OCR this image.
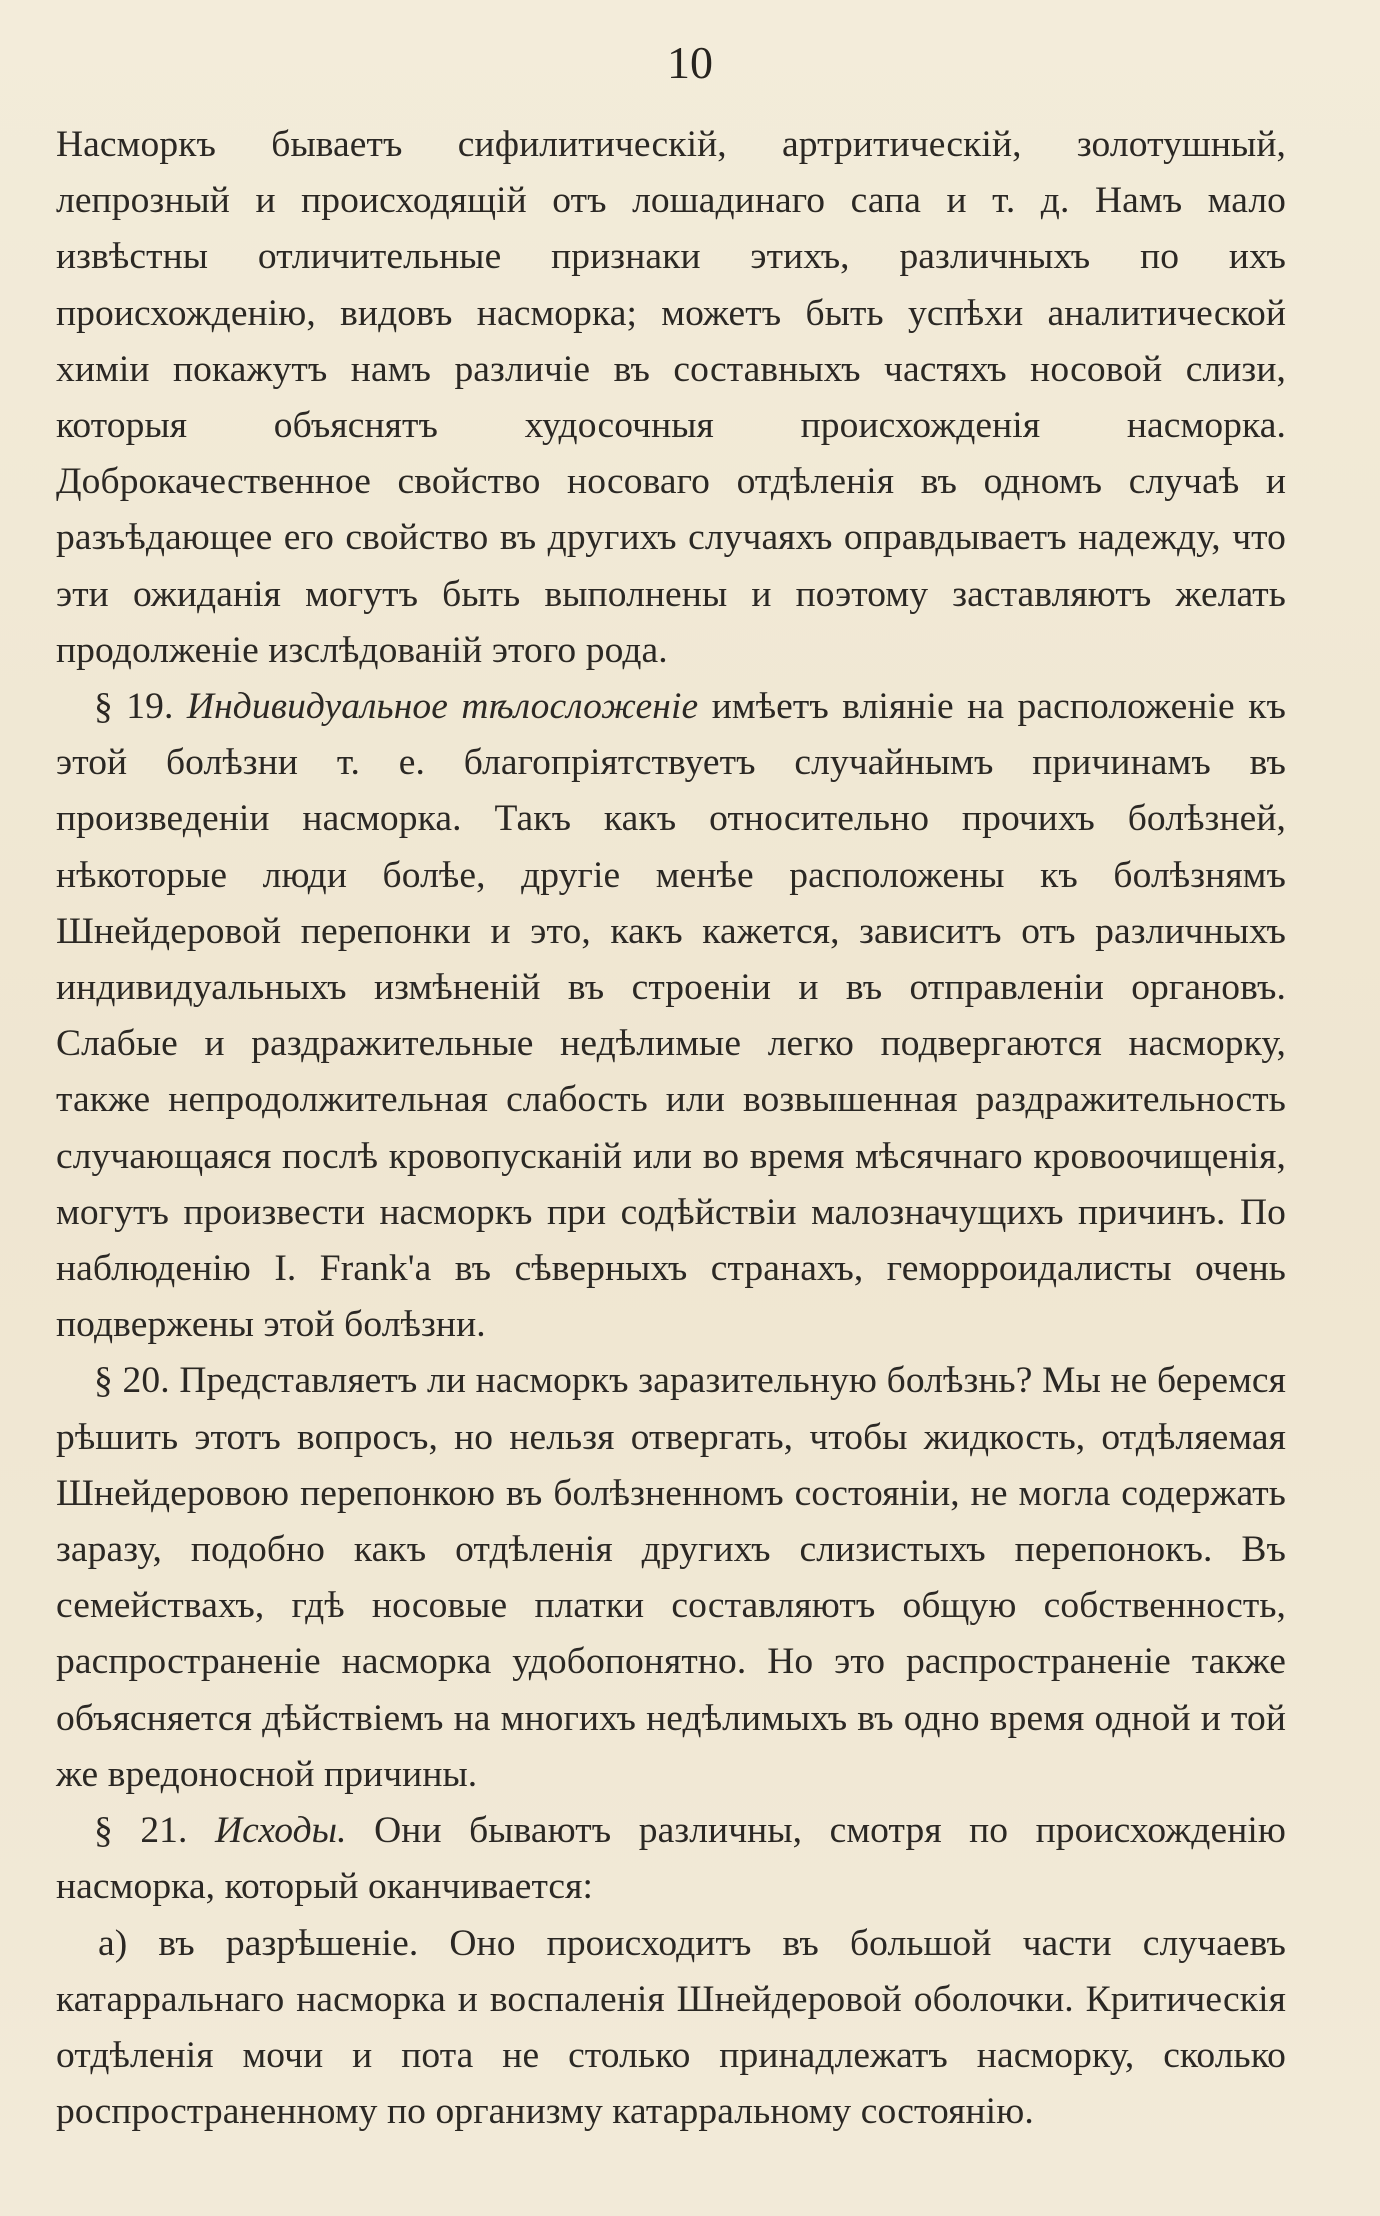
10

Насморкъ бываетъ сифилитическій, артритическій, золотушный, лепрозный и происходящій отъ лошадинаго сапа и т. д. Намъ мало извѣстны отличительные признаки этихъ, различныхъ по ихъ происхожденію, видовъ насморка; можетъ быть успѣхи аналитической химіи покажутъ намъ различіе въ составныхъ частяхъ носовой слизи, которыя объяснятъ худосочныя происхожденія насморка. Доброкачественное свойство носоваго отдѣленія въ одномъ случаѣ и разъѣдающее его свойство въ другихъ случаяхъ оправдываетъ надежду, что эти ожиданія могутъ быть выполнены и поэтому заставляютъ желать продолженіе изслѣдованій этого рода.

§ 19. Индивидуальное тѣлосложеніе имѣетъ вліяніе на расположеніе къ этой болѣзни т. е. благопріятствуетъ случайнымъ причинамъ въ произведеніи насморка. Такъ какъ относительно прочихъ болѣзней, нѣкоторые люди болѣе, другіе менѣе расположены къ болѣзнямъ Шнейдеровой перепонки и это, какъ кажется, зависитъ отъ различныхъ индивидуальныхъ измѣненій въ строеніи и въ отправленіи органовъ. Слабые и раздражительные недѣлимые легко подвергаются насморку, также непродолжительная слабость или возвышенная раздражительность случающаяся послѣ кровопусканій или во время мѣсячнаго кровоочищенія, могутъ произвести насморкъ при содѣйствіи малозначущихъ причинъ. По наблюденію I. Frank'а въ сѣверныхъ странахъ, геморроидалисты очень подвержены этой болѣзни.

§ 20. Представляетъ ли насморкъ заразительную болѣзнь? Мы не беремся рѣшить этотъ вопросъ, но нельзя отвергать, чтобы жидкость, отдѣляемая Шнейдеровою перепонкою въ болѣзненномъ состояніи, не могла содержать заразу, подобно какъ отдѣленія другихъ слизистыхъ перепонокъ. Въ семействахъ, гдѣ носовые платки составляютъ общую собственность, распространеніе насморка удобопонятно. Но это распространеніе также объясняется дѣйствіемъ на многихъ недѣлимыхъ въ одно время одной и той же вредоносной причины.

§ 21. Исходы. Они бываютъ различны, смотря по происхожденію насморка, который оканчивается:

а) въ разрѣшеніе. Оно происходитъ въ большой части случаевъ катарральнаго насморка и воспаленія Шнейдеровой оболочки. Критическія отдѣленія мочи и пота не столько принадлежатъ насморку, сколько роспространенному по организму катарральному состоянію.
